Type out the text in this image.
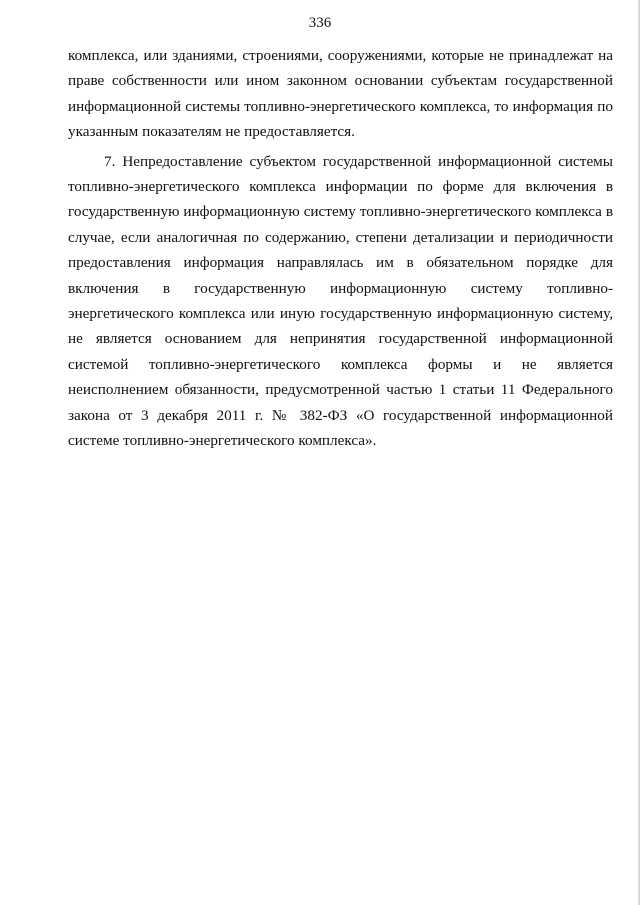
336

комплекса, или зданиями, строениями, сооружениями, которые не принадлежат на праве собственности или ином законном основании субъектам государственной информационной системы топливно-энергетического комплекса, то информация по указанным показателям не предоставляется.

7. Непредоставление субъектом государственной информационной системы топливно-энергетического комплекса информации по форме для включения в государственную информационную систему топливно-энергетического комплекса в случае, если аналогичная по содержанию, степени детализации и периодичности предоставления информация направлялась им в обязательном порядке для включения в государственную информационную систему топливно-энергетического комплекса или иную государственную информационную систему, не является основанием для непринятия государственной информационной системой топливно-энергетического комплекса формы и не является неисполнением обязанности, предусмотренной частью 1 статьи 11 Федерального закона от 3 декабря 2011 г. № 382-ФЗ «О государственной информационной системе топливно-энергетического комплекса».
